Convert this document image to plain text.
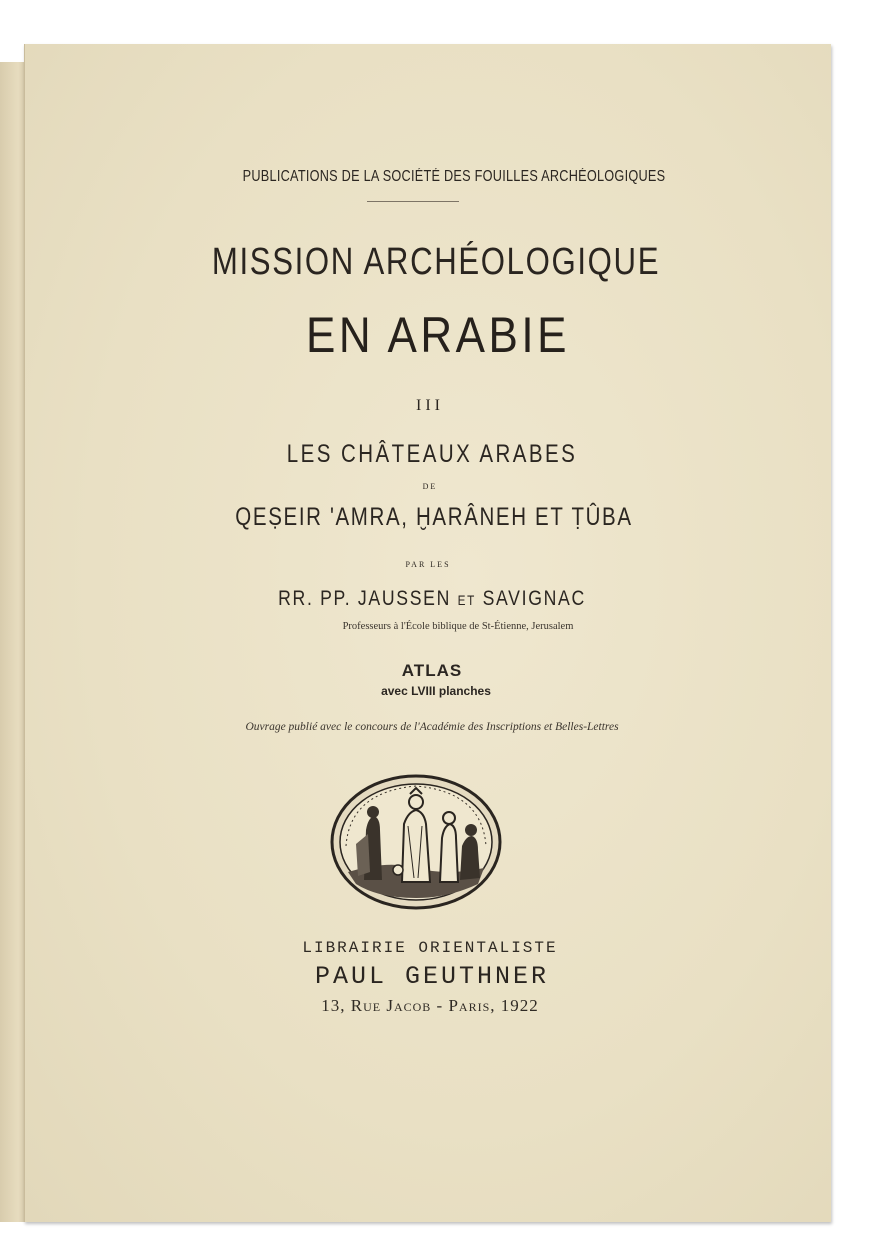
PUBLICATIONS DE LA SOCIÉTÉ DES FOUILLES ARCHÉOLOGIQUES
MISSION ARCHÉOLOGIQUE
EN ARABIE
III
LES CHÂTEAUX ARABES
DE
QEṢEIR 'AMRA, ḪARÂNEH ET ṬÛBA
PAR LES
RR. PP. JAUSSEN ET SAVIGNAC
Professeurs à l'École biblique de St-Étienne, Jerusalem
ATLAS
avec LVIII planches
Ouvrage publié avec le concours de l'Académie des Inscriptions et Belles-Lettres
LIBRAIRIE ORIENTALISTE
PAUL GEUTHNER
13, Rue Jacob - Paris, 1922
